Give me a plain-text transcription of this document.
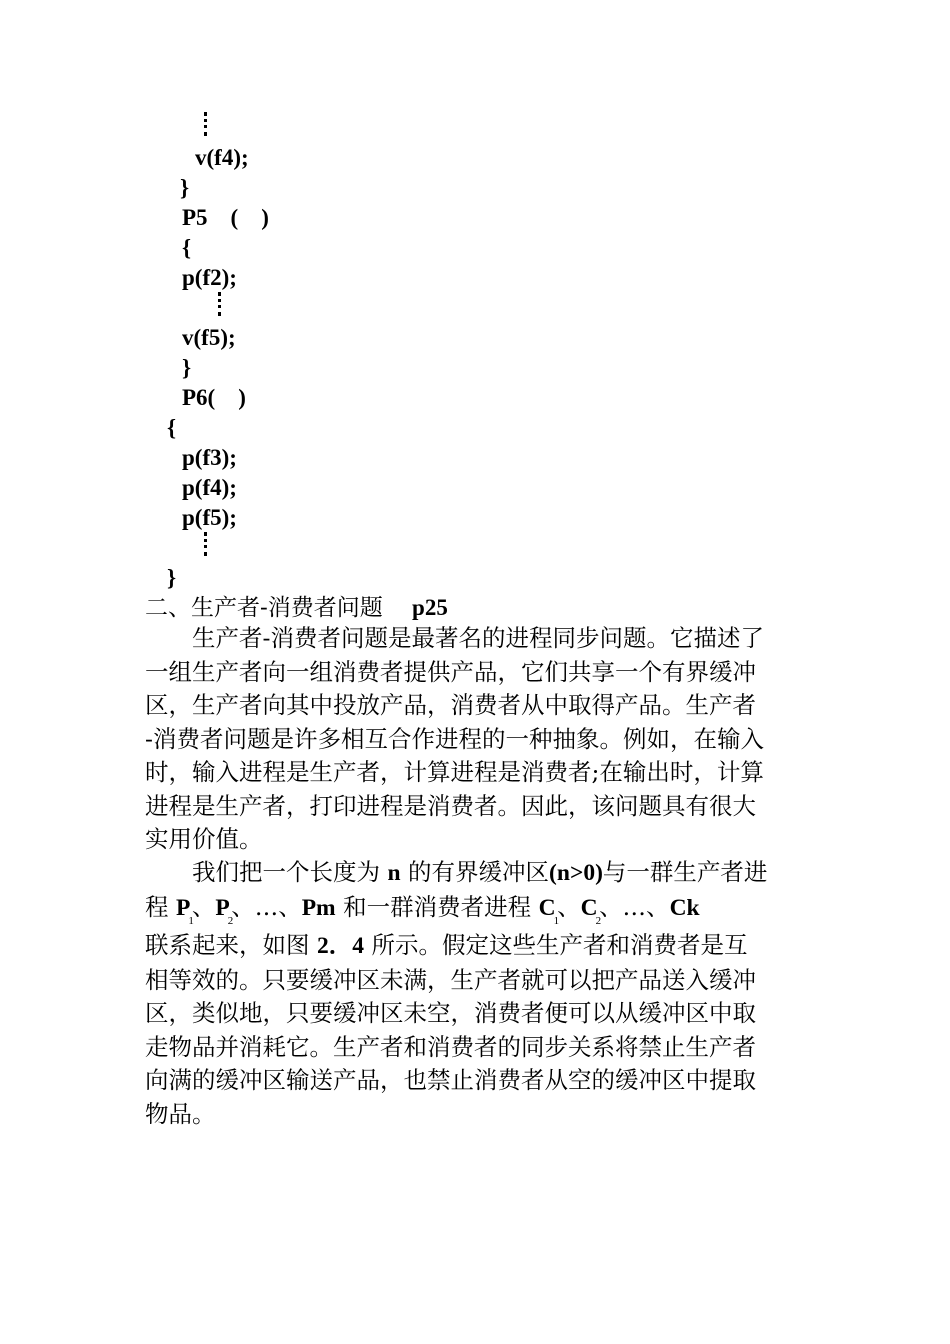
v(f4);
}
P5　(　)
{
p(f2);
v(f5);
}
P6(　)
{
p(f3);
p(f4);
p(f5);
}
二、生产者-消费者问题 p25
生产者-消费者问题是最著名的进程同步问题。它描述了
一组生产者向一组消费者提供产品，它们共享一个有界缓冲
区，生产者向其中投放产品，消费者从中取得产品。生产者
-消费者问题是许多相互合作进程的一种抽象。例如，在输入
时，输入进程是生产者，计算进程是消费者;在输出时，计算
进程是生产者，打印进程是消费者。因此，该问题具有很大
实用价值。
我们把一个长度为 n 的有界缓冲区(n>0)与一群生产者进
程 $P_1$、$P_2$、…、Pm 和一群消费者进程 $C_1$、$C_2$、…、Ck
联系起来，如图 2．4 所示。假定这些生产者和消费者是互
相等效的。只要缓冲区未满，生产者就可以把产品送入缓冲
区，类似地，只要缓冲区未空，消费者便可以从缓冲区中取
走物品并消耗它。生产者和消费者的同步关系将禁止生产者
向满的缓冲区输送产品，也禁止消费者从空的缓冲区中提取
物品。
